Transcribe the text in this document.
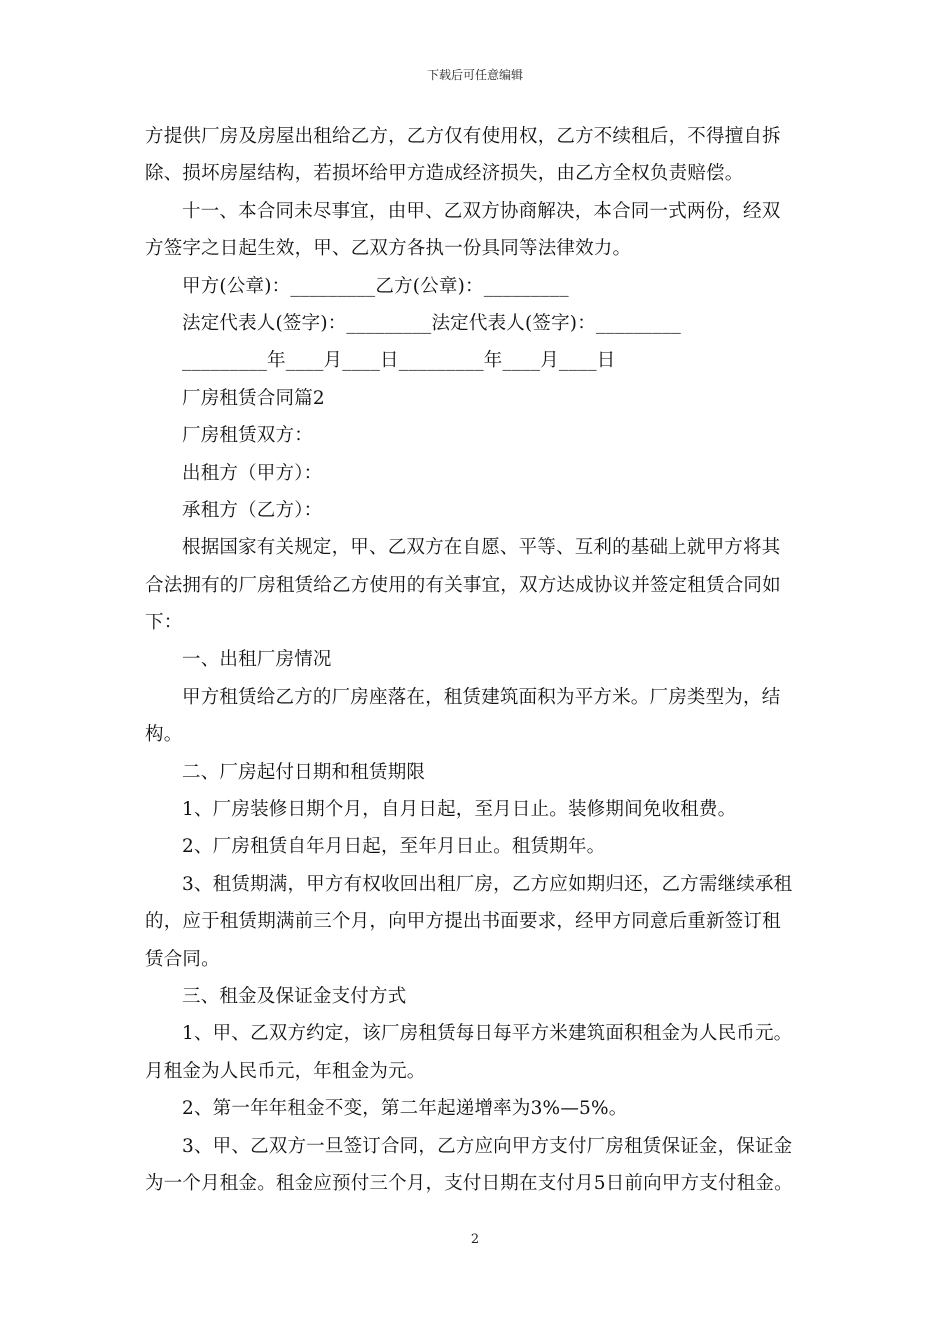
下载后可任意编辑
方提供厂房及房屋出租给乙方，乙方仅有使用权，乙方不续租后，不得擅自拆
除、损坏房屋结构，若损坏给甲方造成经济损失，由乙方全权负责赔偿。
十一、本合同未尽事宜，由甲、乙双方协商解决，本合同一式两份，经双
方签字之日起生效，甲、乙双方各执一份具同等法律效力。
甲方(公章)：_________乙方(公章)：_________
法定代表人(签字)：_________法定代表人(签字)：_________
_________年____月____日_________年____月____日
厂房租赁合同篇2
厂房租赁双方：
出租方（甲方）：
承租方（乙方）：
根据国家有关规定，甲、乙双方在自愿、平等、互利的基础上就甲方将其
合法拥有的厂房租赁给乙方使用的有关事宜，双方达成协议并签定租赁合同如
下：
一、出租厂房情况
甲方租赁给乙方的厂房座落在，租赁建筑面积为平方米。厂房类型为，结
构。
二、厂房起付日期和租赁期限
1、厂房装修日期个月，自月日起，至月日止。装修期间免收租费。
2、厂房租赁自年月日起，至年月日止。租赁期年。
3、租赁期满，甲方有权收回出租厂房，乙方应如期归还，乙方需继续承租
的，应于租赁期满前三个月，向甲方提出书面要求，经甲方同意后重新签订租
赁合同。
三、租金及保证金支付方式
1、甲、乙双方约定，该厂房租赁每日每平方米建筑面积租金为人民币元。
月租金为人民币元，年租金为元。
2、第一年年租金不变，第二年起递增率为3%—5%。
3、甲、乙双方一旦签订合同，乙方应向甲方支付厂房租赁保证金，保证金
为一个月租金。租金应预付三个月，支付日期在支付月5日前向甲方支付租金。
2
